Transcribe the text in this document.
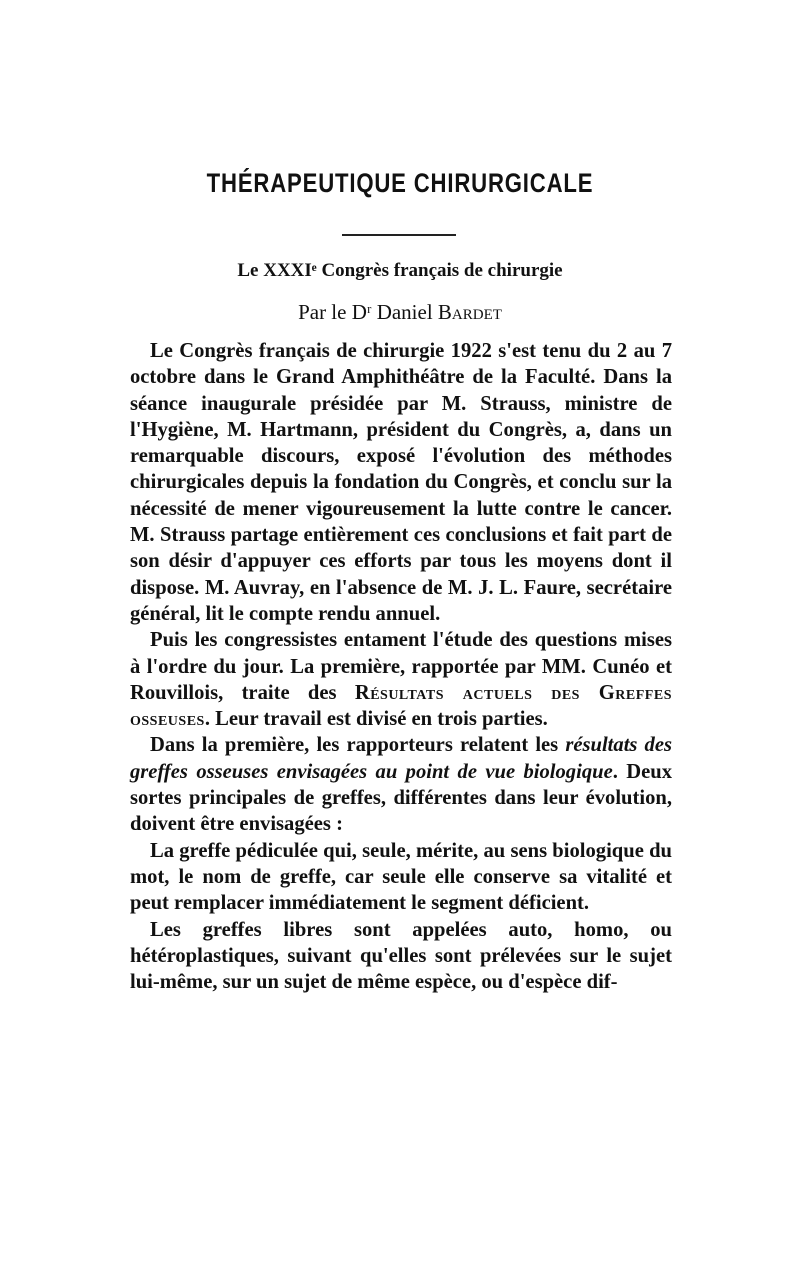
THÉRAPEUTIQUE CHIRURGICALE
Le XXXIᵉ Congrès français de chirurgie
Par le Dʳ Daniel Bardet

Le Congrès français de chirurgie 1922 s'est tenu du 2 au 7 octobre dans le Grand Amphithéâtre de la Faculté. Dans la séance inaugurale présidée par M. Strauss, ministre de l'Hygiène, M. Hartmann, président du Congrès, a, dans un remarquable discours, exposé l'évolution des méthodes chirurgicales depuis la fondation du Congrès, et conclu sur la nécessité de mener vigoureusement la lutte contre le cancer. M. Strauss partage entièrement ces conclusions et fait part de son désir d'appuyer ces efforts par tous les moyens dont il dispose. M. Auvray, en l'absence de M. J. L. Faure, secrétaire général, lit le compte rendu annuel.

Puis les congressistes entament l'étude des questions mises à l'ordre du jour. La première, rapportée par MM. Cunéo et Rouvillois, traite des Résultats actuels des Greffes osseuses. Leur travail est divisé en trois parties.

Dans la première, les rapporteurs relatent les résultats des greffes osseuses envisagées au point de vue biologique. Deux sortes principales de greffes, différentes dans leur évolution, doivent être envisagées :

La greffe pédiculée qui, seule, mérite, au sens biologique du mot, le nom de greffe, car seule elle conserve sa vitalité et peut remplacer immédiatement le segment déficient.

Les greffes libres sont appelées auto, homo, ou hétéroplastiques, suivant qu'elles sont prélevées sur le sujet lui-même, sur un sujet de même espèce, ou d'espèce dif-
